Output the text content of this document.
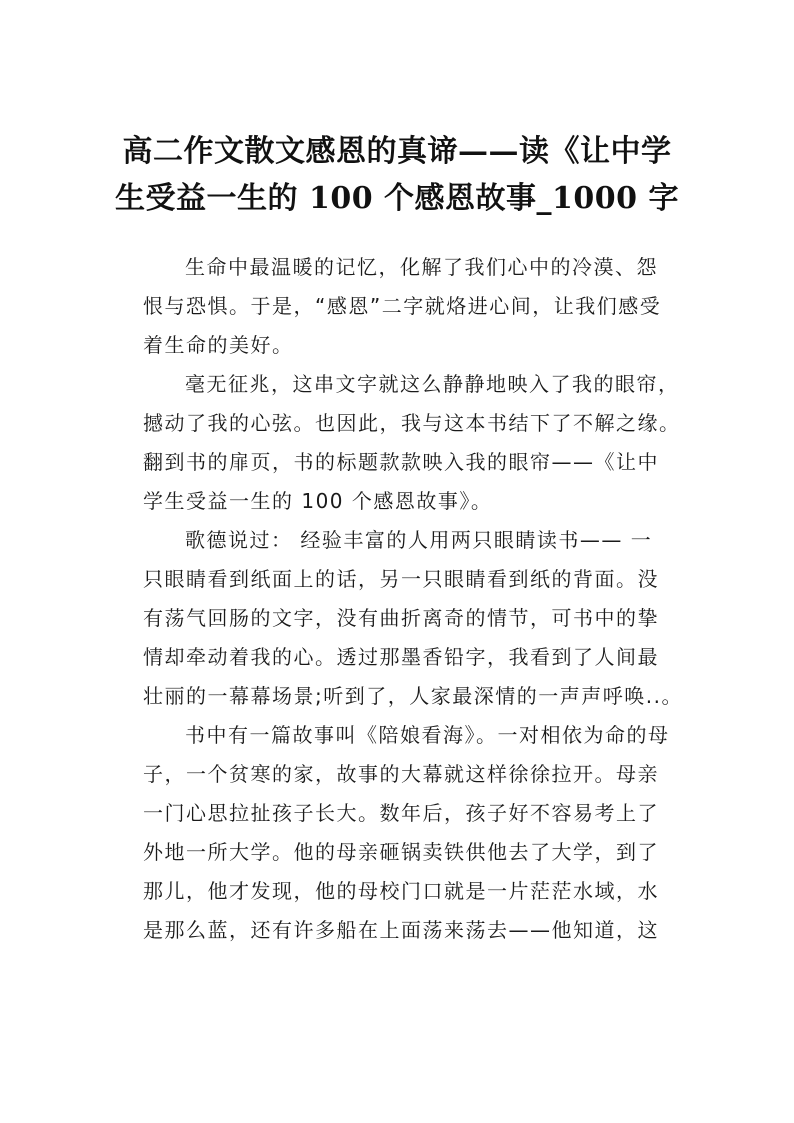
高二作文散文感恩的真谛——读《让中学
生受益一生的 100 个感恩故事_1000 字
生命中最温暖的记忆，化解了我们心中的冷漠、怨
恨与恐惧。于是，“感恩”二字就烙进心间，让我们感受
着生命的美好。
毫无征兆，这串文字就这么静静地映入了我的眼帘，
撼动了我的心弦。也因此，我与这本书结下了不解之缘。
翻到书的扉页，书的标题款款映入我的眼帘——《让中
学生受益一生的 100 个感恩故事》。
歌德说过： 经验丰富的人用两只眼睛读书—— 一
只眼睛看到纸面上的话，另一只眼睛看到纸的背面。没
有荡气回肠的文字，没有曲折离奇的情节，可书中的挚
情却牵动着我的心。透过那墨香铅字，我看到了人间最
壮丽的一幕幕场景;听到了，人家最深情的一声声呼唤..。
书中有一篇故事叫《陪娘看海》。一对相依为命的母
子，一个贫寒的家，故事的大幕就这样徐徐拉开。母亲
一门心思拉扯孩子长大。数年后，孩子好不容易考上了
外地一所大学。他的母亲砸锅卖铁供他去了大学，到了
那儿，他才发现，他的母校门口就是一片茫茫水域，水
是那么蓝，还有许多船在上面荡来荡去——他知道，这
